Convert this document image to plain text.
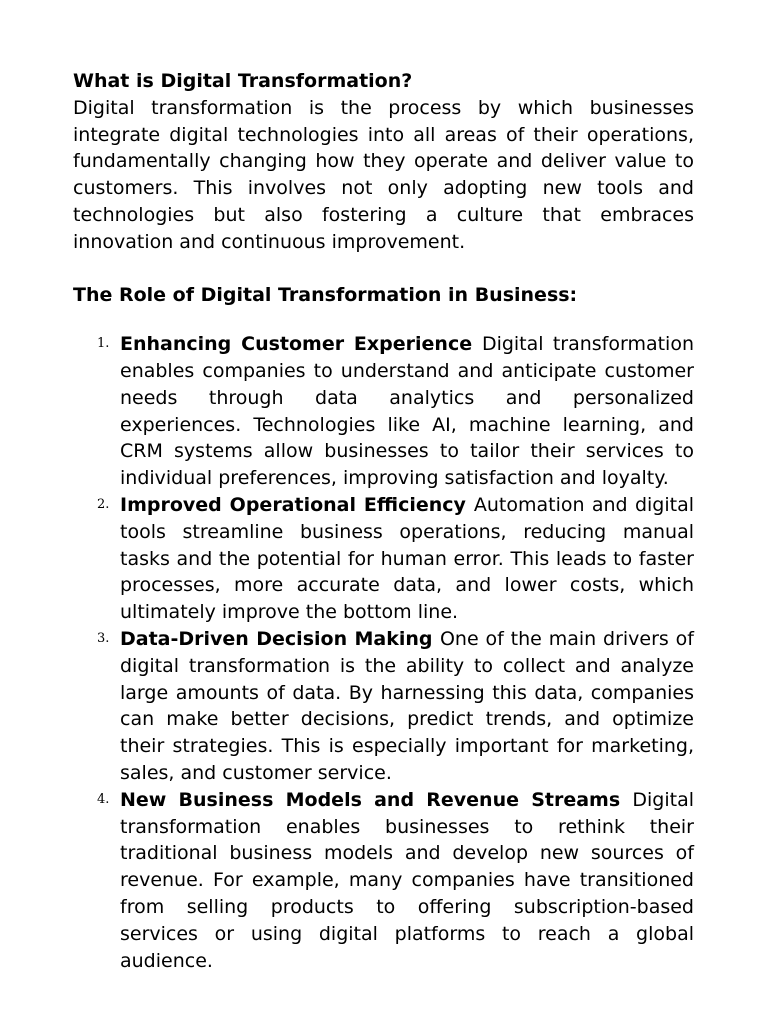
What is Digital Transformation?

Digital transformation is the process by which businesses integrate digital technologies into all areas of their operations, fundamentally changing how they operate and deliver value to customers. This involves not only adopting new tools and technologies but also fostering a culture that embraces innovation and continuous improvement.

The Role of Digital Transformation in Business:

1. Enhancing Customer Experience Digital transformation enables companies to understand and anticipate customer needs through data analytics and personalized experiences. Technologies like AI, machine learning, and CRM systems allow businesses to tailor their services to individual preferences, improving satisfaction and loyalty.
2. Improved Operational Efficiency Automation and digital tools streamline business operations, reducing manual tasks and the potential for human error. This leads to faster processes, more accurate data, and lower costs, which ultimately improve the bottom line.
3. Data-Driven Decision Making One of the main drivers of digital transformation is the ability to collect and analyze large amounts of data. By harnessing this data, companies can make better decisions, predict trends, and optimize their strategies. This is especially important for marketing, sales, and customer service.
4. New Business Models and Revenue Streams Digital transformation enables businesses to rethink their traditional business models and develop new sources of revenue. For example, many companies have transitioned from selling products to offering subscription-based services or using digital platforms to reach a global audience.
